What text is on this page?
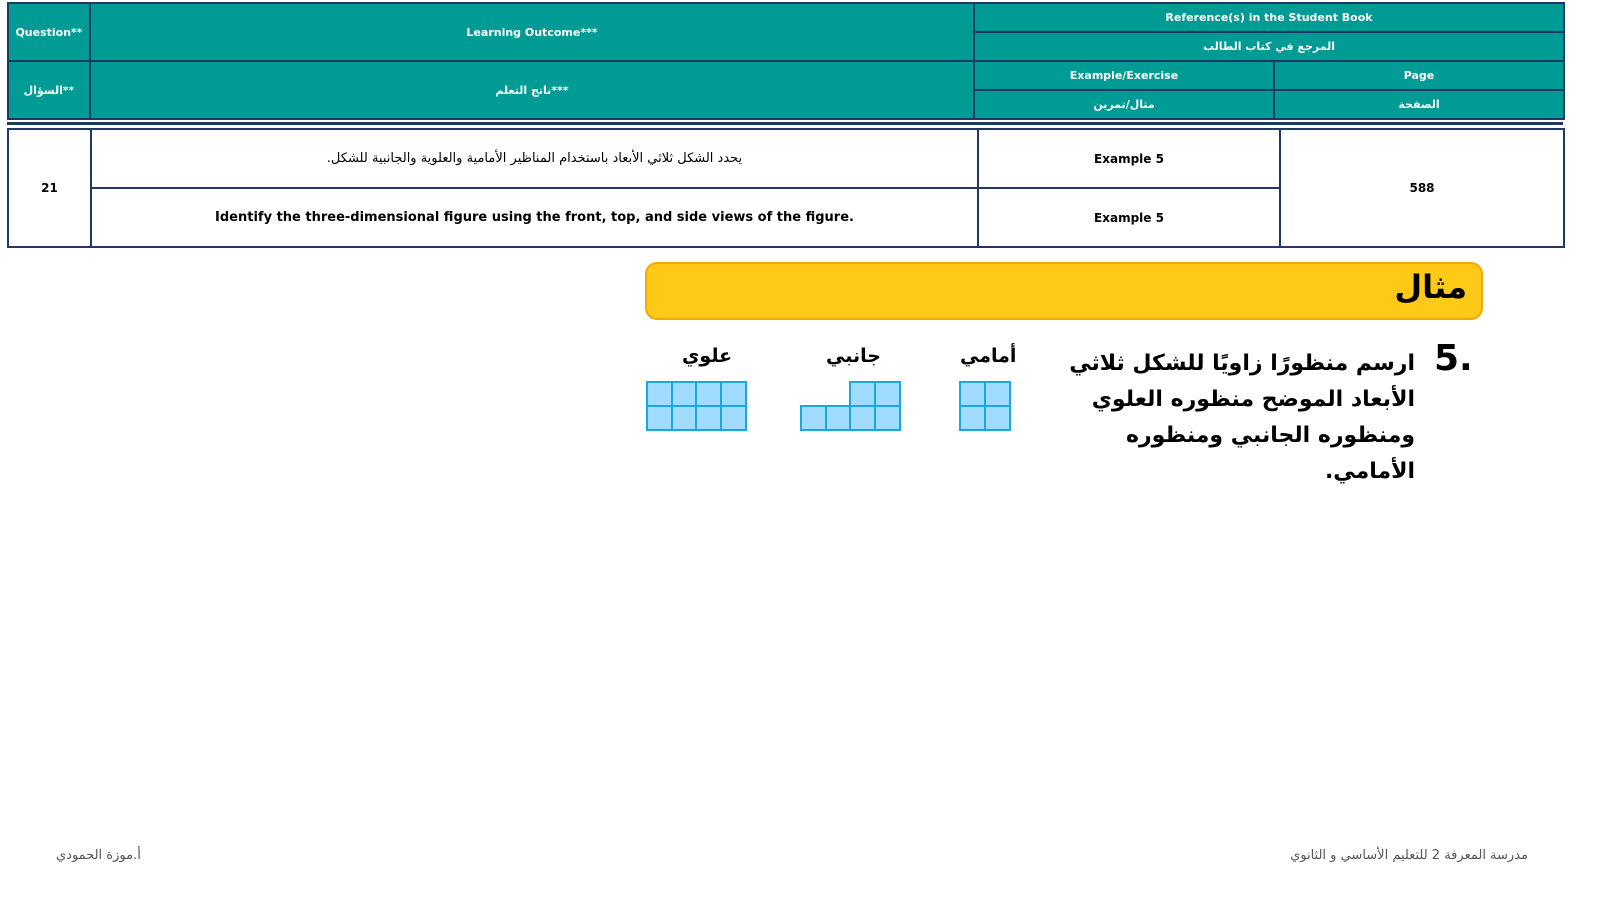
Question**	Learning Outcome***	Reference(s) in the Student Book	
		المرجع في كتاب الطالب	
السؤال**	ناتج التعلم***	Example/Exercise	Page
		مثال/تمرين	الصفحة
21	يحدد الشكل ثلاثي الأبعاد باستخدام المناظير الأمامية والعلوية والجانبية للشكل.	Example 5	588
	Identify the three-dimensional figure using the front, top, and side views of the figure.	Example 5	
مثال
5.
ارسم منظورًا زاويًا للشكل ثلاثي الأبعاد الموضح منظوره العلوي ومنظوره الجانبي ومنظوره الأمامي.
أمامي
جانبي
علوي
أ.موزة الحمودي	مدرسة المعرفة 2 للتعليم الأساسي و الثانوي
